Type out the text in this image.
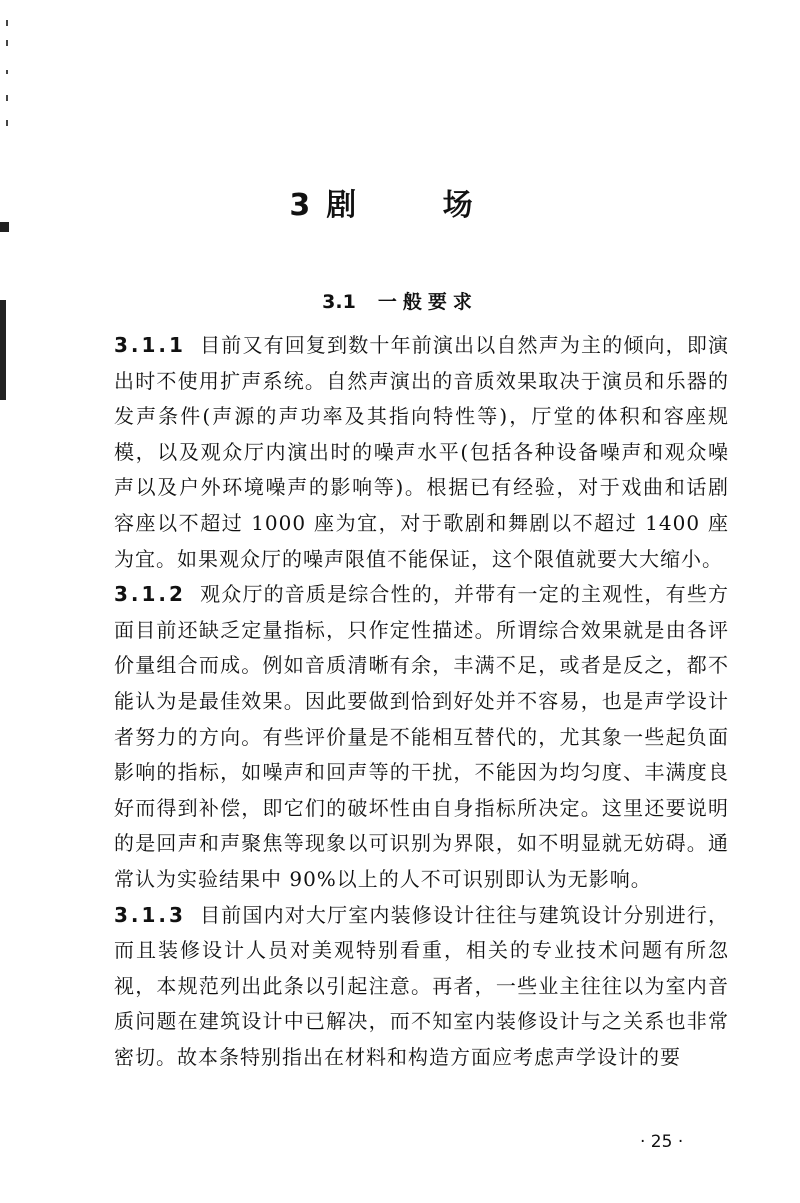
3 剧 场
3.1 一般要求

3.1.1 目前又有回复到数十年前演出以自然声为主的倾向，即演出时不使用扩声系统。自然声演出的音质效果取决于演员和乐器的发声条件(声源的声功率及其指向特性等)，厅堂的体积和容座规模，以及观众厅内演出时的噪声水平(包括各种设备噪声和观众噪声以及户外环境噪声的影响等)。根据已有经验，对于戏曲和话剧容座以不超过 1000 座为宜，对于歌剧和舞剧以不超过 1400 座为宜。如果观众厅的噪声限值不能保证，这个限值就要大大缩小。

3.1.2 观众厅的音质是综合性的，并带有一定的主观性，有些方面目前还缺乏定量指标，只作定性描述。所谓综合效果就是由各评价量组合而成。例如音质清晰有余，丰满不足，或者是反之，都不能认为是最佳效果。因此要做到恰到好处并不容易，也是声学设计者努力的方向。有些评价量是不能相互替代的，尤其象一些起负面影响的指标，如噪声和回声等的干扰，不能因为均匀度、丰满度良好而得到补偿，即它们的破坏性由自身指标所决定。这里还要说明的是回声和声聚焦等现象以可识别为界限，如不明显就无妨碍。通常认为实验结果中 90%以上的人不可识别即认为无影响。

3.1.3 目前国内对大厅室内装修设计往往与建筑设计分别进行，而且装修设计人员对美观特别看重，相关的专业技术问题有所忽视，本规范列出此条以引起注意。再者，一些业主往往以为室内音质问题在建筑设计中已解决，而不知室内装修设计与之关系也非常密切。故本条特别指出在材料和构造方面应考虑声学设计的要

· 25 ·
